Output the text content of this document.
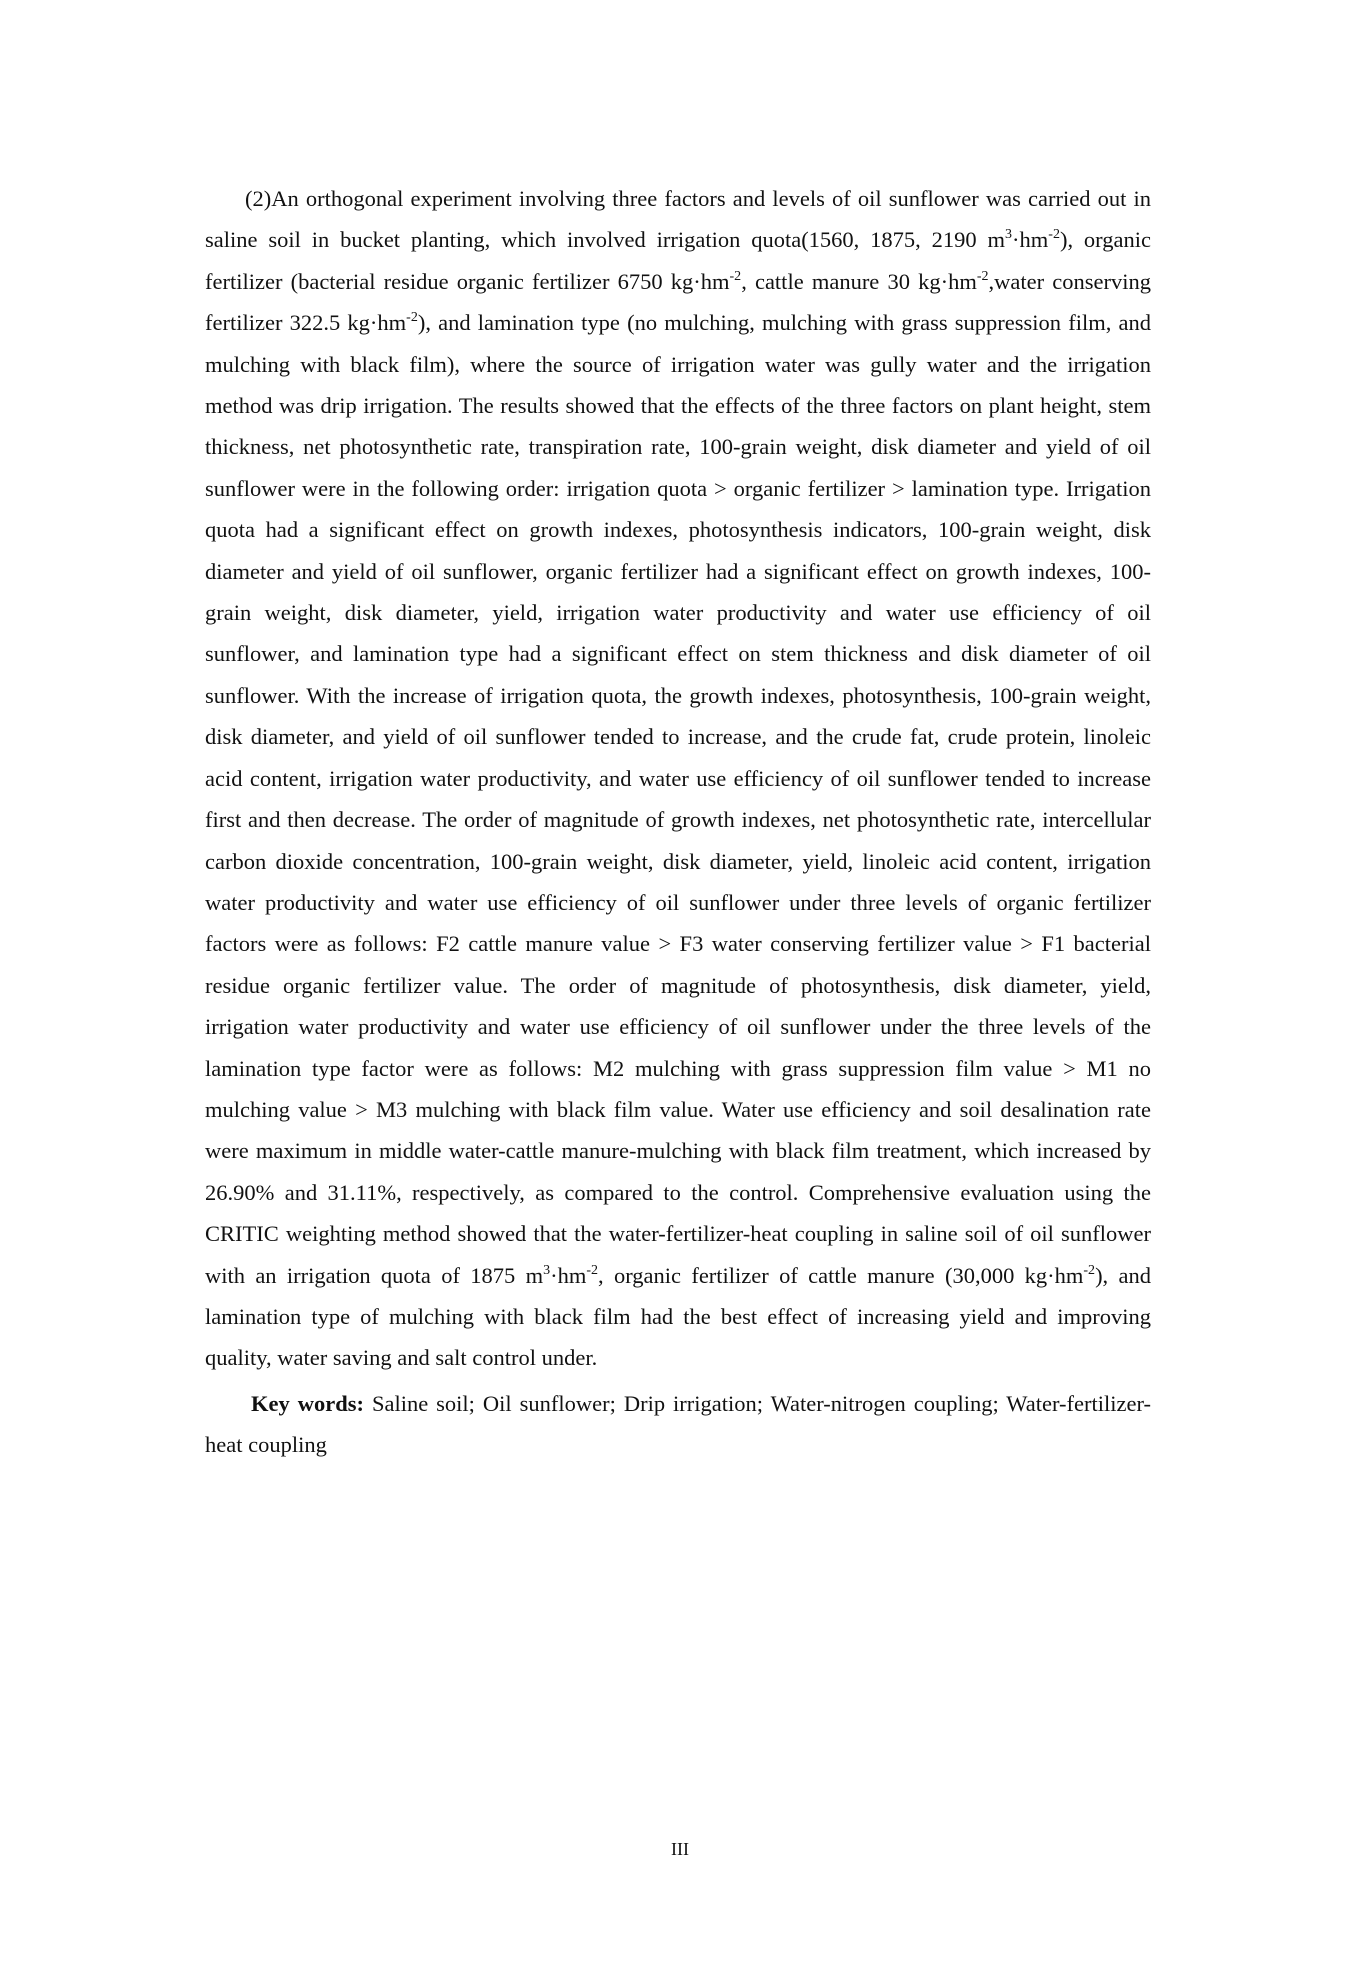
(2)An orthogonal experiment involving three factors and levels of oil sunflower was carried out in saline soil in bucket planting, which involved irrigation quota(1560, 1875, 2190 $m^3\cdot hm^{-2}$), organic fertilizer (bacterial residue organic fertilizer 6750 $kg\cdot hm^{-2}$, cattle manure 30 $kg\cdot hm^{-2},water$ conserving fertilizer 322.5 $kg\cdot hm^{-2}$), and lamination type (no mulching, mulching with grass suppression film, and mulching with black film), where the source of irrigation water was gully water and the irrigation method was drip irrigation. The results showed that the effects of the three factors on plant height, stem thickness, net photosynthetic rate, transpiration rate, 100-grain weight, disk diameter and yield of oil sunflower were in the following order: irrigation quota > organic fertilizer > lamination type. Irrigation quota had a significant effect on growth indexes, photosynthesis indicators, 100-grain weight, disk diameter and yield of oil sunflower, organic fertilizer had a significant effect on growth indexes, 100-grain weight, disk diameter, yield, irrigation water productivity and water use efficiency of oil sunflower, and lamination type had a significant effect on stem thickness and disk diameter of oil sunflower. With the increase of irrigation quota, the growth indexes, photosynthesis, 100-grain weight, disk diameter, and yield of oil sunflower tended to increase, and the crude fat, crude protein, linoleic acid content, irrigation water productivity, and water use efficiency of oil sunflower tended to increase first and then decrease. The order of magnitude of growth indexes, net photosynthetic rate, intercellular carbon dioxide concentration, 100-grain weight, disk diameter, yield, linoleic acid content, irrigation water productivity and water use efficiency of oil sunflower under three levels of organic fertilizer factors were as follows: F2 cattle manure value > F3 water conserving fertilizer value > F1 bacterial residue organic fertilizer value. The order of magnitude of photosynthesis, disk diameter, yield, irrigation water productivity and water use efficiency of oil sunflower under the three levels of the lamination type factor were as follows: M2 mulching with grass suppression film value > M1 no mulching value > M3 mulching with black film value. Water use efficiency and soil desalination rate were maximum in middle water-cattle manure-mulching with black film treatment, which increased by 26.90% and 31.11%, respectively, as compared to the control. Comprehensive evaluation using the CRITIC weighting method showed that the water-fertilizer-heat coupling in saline soil of oil sunflower with an irrigation quota of 1875 $m^3\cdot hm^{-2}$, organic fertilizer of cattle manure (30,000 $kg\cdot hm^{-2}$), and lamination type of mulching with black film had the best effect of increasing yield and improving quality, water saving and salt control under.

Key words: Saline soil; Oil sunflower; Drip irrigation; Water-nitrogen coupling; Water-fertilizer- heat coupling

III
